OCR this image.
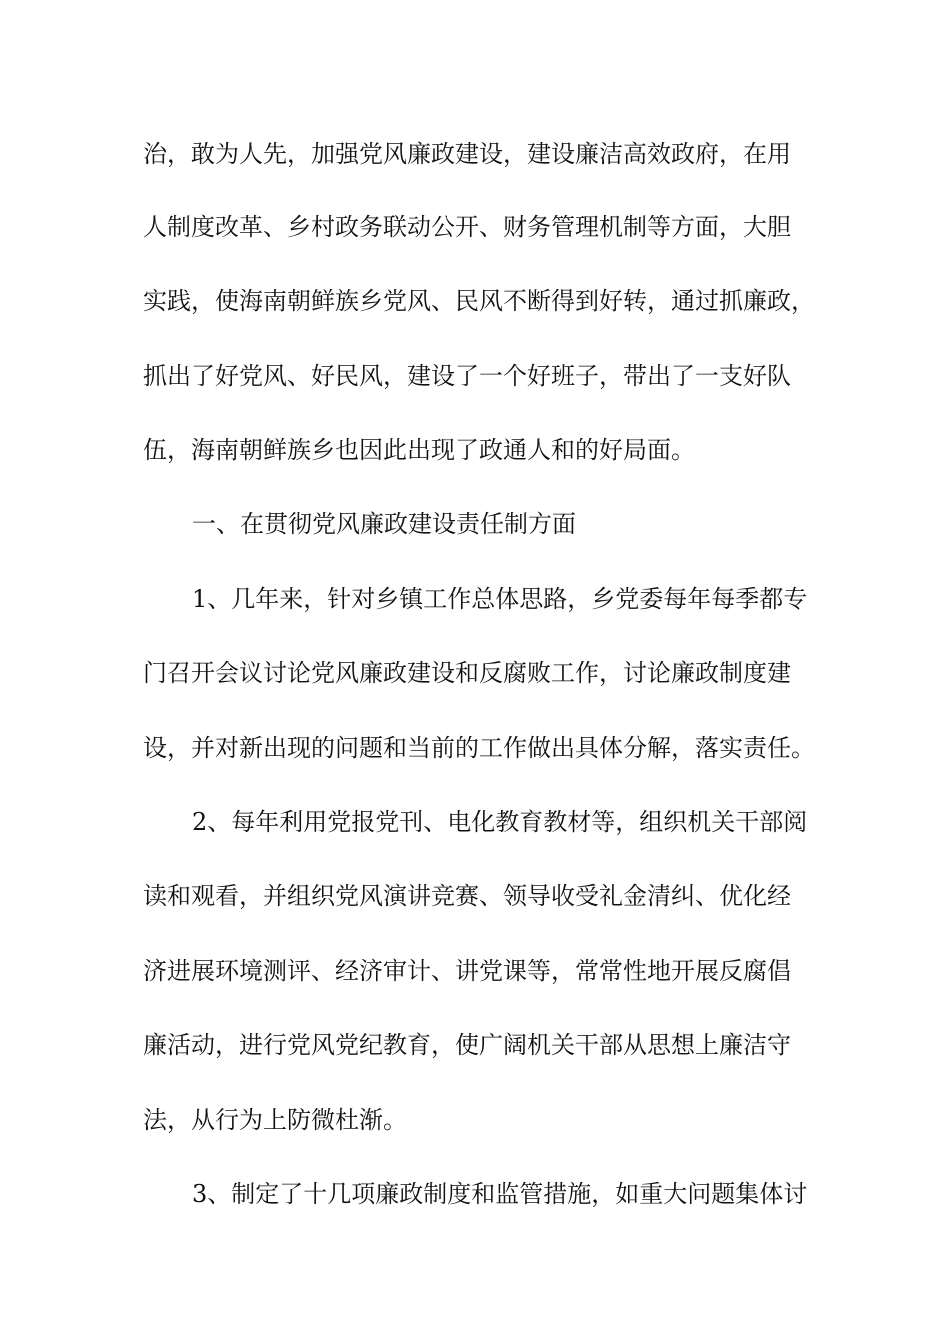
治，敢为人先，加强党风廉政建设，建设廉洁高效政府，在用

人制度改革、乡村政务联动公开、财务管理机制等方面，大胆

实践，使海南朝鲜族乡党风、民风不断得到好转，通过抓廉政，

抓出了好党风、好民风，建设了一个好班子，带出了一支好队

伍，海南朝鲜族乡也因此出现了政通人和的好局面。

一、在贯彻党风廉政建设责任制方面

1、几年来，针对乡镇工作总体思路，乡党委每年每季都专

门召开会议讨论党风廉政建设和反腐败工作，讨论廉政制度建

设，并对新出现的问题和当前的工作做出具体分解，落实责任。

2、每年利用党报党刊、电化教育教材等，组织机关干部阅

读和观看，并组织党风演讲竞赛、领导收受礼金清纠、优化经

济进展环境测评、经济审计、讲党课等，常常性地开展反腐倡

廉活动，进行党风党纪教育，使广阔机关干部从思想上廉洁守

法，从行为上防微杜渐。

3、制定了十几项廉政制度和监管措施，如重大问题集体讨
